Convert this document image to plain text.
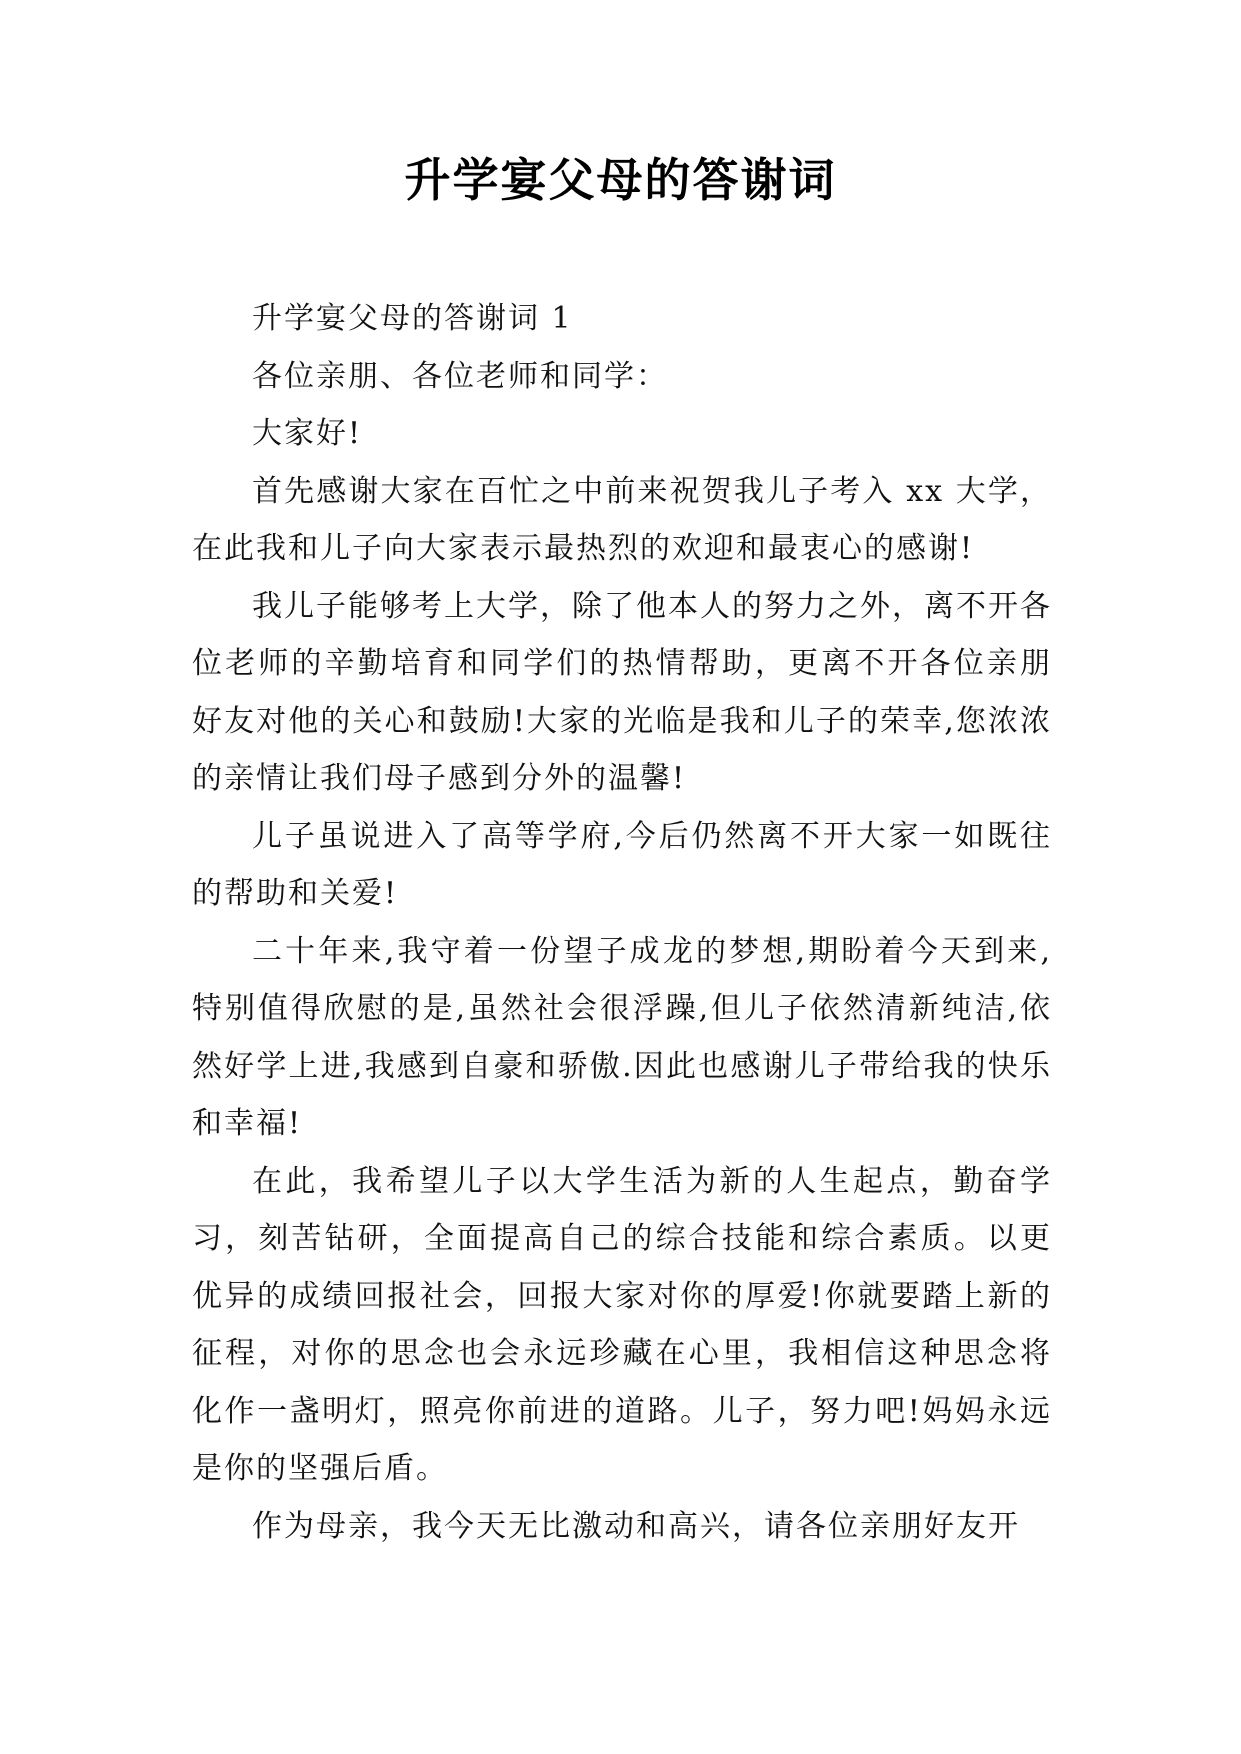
升学宴父母的答谢词

升学宴父母的答谢词 1

各位亲朋、各位老师和同学：

大家好!

首先感谢大家在百忙之中前来祝贺我儿子考入 xx 大学，在此我和儿子向大家表示最热烈的欢迎和最衷心的感谢!

我儿子能够考上大学，除了他本人的努力之外，离不开各位老师的辛勤培育和同学们的热情帮助，更离不开各位亲朋好友对他的关心和鼓励!大家的光临是我和儿子的荣幸,您浓浓的亲情让我们母子感到分外的温馨!

儿子虽说进入了高等学府,今后仍然离不开大家一如既往的帮助和关爱!

二十年来,我守着一份望子成龙的梦想,期盼着今天到来,特别值得欣慰的是,虽然社会很浮躁,但儿子依然清新纯洁,依然好学上进,我感到自豪和骄傲.因此也感谢儿子带给我的快乐和幸福!

在此，我希望儿子以大学生活为新的人生起点，勤奋学习，刻苦钻研，全面提高自己的综合技能和综合素质。以更优异的成绩回报社会，回报大家对你的厚爱!你就要踏上新的征程，对你的思念也会永远珍藏在心里，我相信这种思念将化作一盏明灯，照亮你前进的道路。儿子，努力吧!妈妈永远是你的坚强后盾。

作为母亲，我今天无比激动和高兴，请各位亲朋好友开
